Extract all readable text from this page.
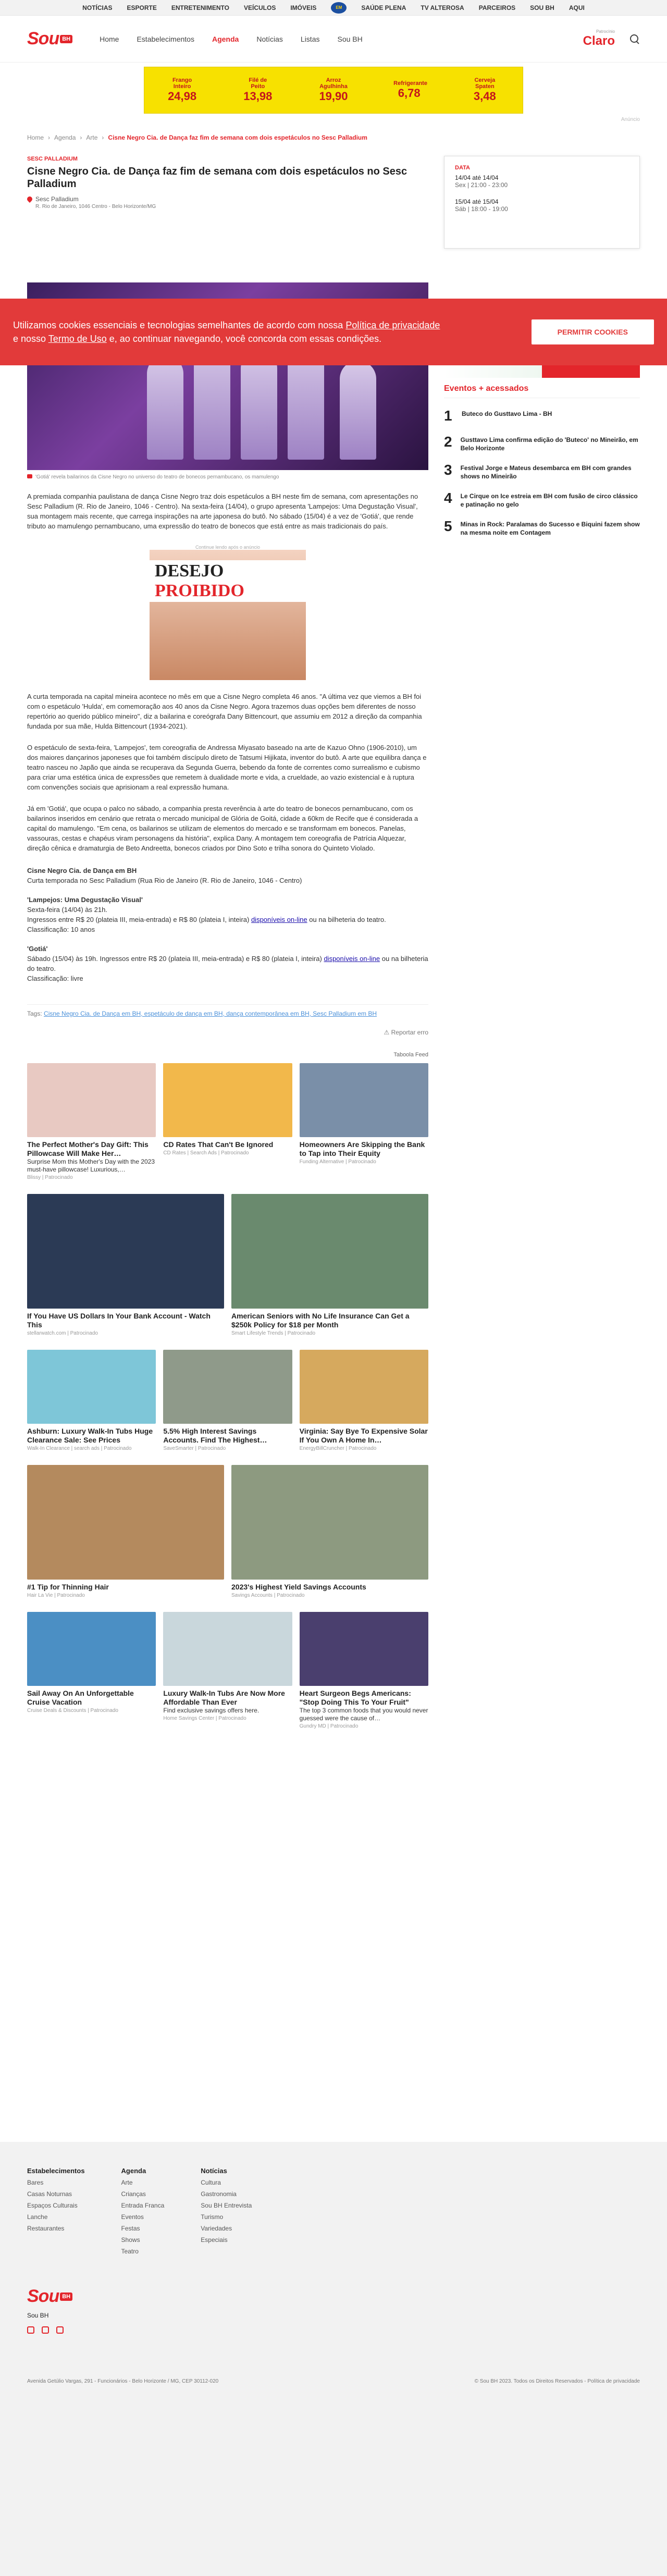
NOTÍCIAS ESPORTE ENTRETENIMENTO VEÍCULOS IMÓVEIS	EM	SAÚDE PLENA TV ALTEROSA PARCEIROS SOU BH AQUI
Sou BH	Home Estabelecimentos Agenda Notícias Listas Sou BH
Patrocínio
Claro
Frango Inteiro
24,98
Filé de Peito
13,98
Arroz Agulhinha
19,90
Refrigerante
6,78
Cerveja Spaten
3,48
Anúncio
Home › Agenda › Arte › Cisne Negro Cia. de Dança faz fim de semana com dois espetáculos no Sesc Palladium
SESC PALLADIUM
Cisne Negro Cia. de Dança faz fim de semana com dois espetáculos no Sesc Palladium
Sesc Palladium
R. Rio de Janeiro, 1046 Centro - Belo Horizonte/MG
'Gotiá' revela bailarinos da Cisne Negro no universo do teatro de bonecos pernambucano, os mamulengo

A premiada companhia paulistana de dança Cisne Negro traz dois espetáculos a BH neste fim de semana, com apresentações no Sesc Palladium (R. Rio de Janeiro, 1046 - Centro). Na sexta-feira (14/04), o grupo apresenta 'Lampejos: Uma Degustação Visual', sua montagem mais recente, que carrega inspirações na arte japonesa do butô. No sábado (15/04) é a vez de 'Gotiá', que rende tributo ao mamulengo pernambucano, uma expressão do teatro de bonecos que está entre as mais tradicionais do país.

Continue lendo após o anúncio
DESEJO PROIBIDO

A curta temporada na capital mineira acontece no mês em que a Cisne Negro completa 46 anos. "A última vez que viemos a BH foi com o espetáculo 'Hulda', em comemoração aos 40 anos da Cisne Negro. Agora trazemos duas opções bem diferentes de nosso repertório ao querido público mineiro", diz a bailarina e coreógrafa Dany Bittencourt, que assumiu em 2012 a direção da companhia fundada por sua mãe, Hulda Bittencourt (1934-2021).

O espetáculo de sexta-feira, 'Lampejos', tem coreografia de Andressa Miyasato baseado na arte de Kazuo Ohno (1906-2010), um dos maiores dançarinos japoneses que foi também discípulo direto de Tatsumi Hijikata, inventor do butô. A arte que equilibra dança e teatro nasceu no Japão que ainda se recuperava da Segunda Guerra, bebendo da fonte de correntes como surrealismo e cubismo para criar uma estética única de expressões que remetem à dualidade morte e vida, a crueldade, ao vazio existencial e à ruptura com convenções sociais que aprisionam a real expressão humana.

Já em 'Gotiá', que ocupa o palco no sábado, a companhia presta reverência à arte do teatro de bonecos pernambucano, com os bailarinos inseridos em cenário que retrata o mercado municipal de Glória de Goitá, cidade a 60km de Recife que é considerada a capital do mamulengo. "Em cena, os bailarinos se utilizam de elementos do mercado e se transformam em bonecos. Panelas, vassouras, cestas e chapéus viram personagens da história", explica Dany. A montagem tem coreografia de Patrícia Alquezar, direção cênica e dramaturgia de Beto Andreetta, bonecos criados por Dino Soto e trilha sonora do Quinteto Violado.

Cisne Negro Cia. de Dança em BH
Curta temporada no Sesc Palladium (Rua Rio de Janeiro (R. Rio de Janeiro, 1046 - Centro)
'Lampejos: Uma Degustação Visual'
Sexta-feira (14/04) às 21h.
Ingressos entre R$ 20 (plateia III, meia-entrada) e R$ 80 (plateia I, inteira) disponíveis on-line ou na bilheteria do teatro.
Classificação: 10 anos
'Gotiá'
Sábado (15/04) às 19h. Ingressos entre R$ 20 (plateia III, meia-entrada) e R$ 80 (plateia I, inteira) disponíveis on-line ou na bilheteria do teatro.
Classificação: livre
Tags: Cisne Negro Cia. de Dança em BH, espetáculo de dança em BH, dança contemporânea em BH, Sesc Palladium em BH
⚠ Reportar erro
Taboola Feed
The Perfect Mother's Day Gift: This Pillowcase Will Make Her…
Surprise Mom this Mother's Day with the 2023 must-have pillowcase! Luxurious,…
Blissy | Patrocinado
CD Rates That Can't Be Ignored
CD Rates | Search Ads | Patrocinado
Homeowners Are Skipping the Bank to Tap into Their Equity
Funding Alternative | Patrocinado
If You Have US Dollars In Your Bank Account - Watch This
stellarwatch.com | Patrocinado
American Seniors with No Life Insurance Can Get a $250k Policy for $18 per Month
Smart Lifestyle Trends | Patrocinado
Ashburn: Luxury Walk-In Tubs Huge Clearance Sale: See Prices
Walk-In Clearance | search ads | Patrocinado
5.5% High Interest Savings Accounts. Find The Highest…
SaveSmarter | Patrocinado
Virginia: Say Bye To Expensive Solar If You Own A Home In…
EnergyBillCruncher | Patrocinado
#1 Tip for Thinning Hair
Hair La Vie | Patrocinado
2023's Highest Yield Savings Accounts
Savings Accounts | Patrocinado
Sail Away On An Unforgettable Cruise Vacation
Cruise Deals & Discounts | Patrocinado
Luxury Walk-In Tubs Are Now More Affordable Than Ever
Find exclusive savings offers here.
Home Savings Center | Patrocinado
Heart Surgeon Begs Americans: "Stop Doing This To Your Fruit"
The top 3 common foods that you would never guessed were the cause of…
Gundry MD | Patrocinado
DATA
14/04 até 14/04
Sex | 21:00 - 23:00
15/04 até 15/04
Sáb | 18:00 - 19:00
Eventos + acessados
1 Buteco do Gusttavo Lima - BH
2 Gusttavo Lima confirma edição do 'Buteco' no Mineirão, em Belo Horizonte
3 Festival Jorge e Mateus desembarca em BH com grandes shows no Mineirão
4 Le Cirque on Ice estreia em BH com fusão de circo clássico e patinação no gelo
5 Minas in Rock: Paralamas do Sucesso e Biquini fazem show na mesma noite em Contagem

Utilizamos cookies essenciais e tecnologias semelhantes de acordo com nossa Política de privacidade e nosso Termo de Uso e, ao continuar navegando, você concorda com essas condições.

PERMITIR COOKIES
Estabelecimentos
Bares
Casas Noturnas
Espaços Culturais
Lanche
Restaurantes
Agenda
Arte
Crianças
Entrada Franca
Eventos
Festas
Shows
Teatro
Notícias
Cultura
Gastronomia
Sou BH Entrevista
Turismo
Variedades
Especiais
Sou BH
Sou BH
Avenida Getúlio Vargas, 291 - Funcionários - Belo Horizonte / MG, CEP 30112-020	© Sou BH 2023. Todos os Direitos Reservados - Política de privacidade
